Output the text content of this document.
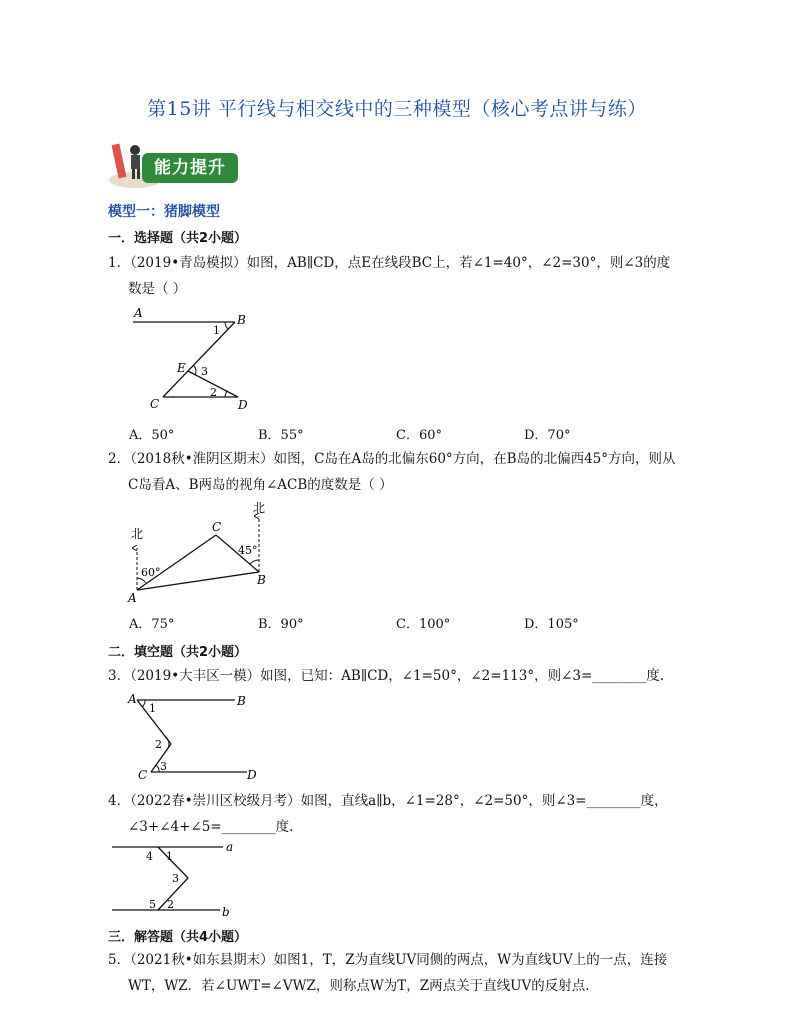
第15讲 平行线与相交线中的三种模型（核心考点讲与练）
能力提升
模型一：猪脚模型
一．选择题（共2小题）
1．（2019•青岛模拟）如图，AB∥CD，点E在线段BC上，若∠1=40°，∠2=30°，则∠3的度
数是（ ）
A	B
C	D
E
1
2
3
A．50°	B．55°	C．60°	D．70°
2．（2018秋•淮阴区期末）如图，C岛在A岛的北偏东60°方向，在B岛的北偏西45°方向，则从
C岛看A、B两岛的视角∠ACB的度数是（ ）
北
北
A
B
C
60°
45°
A．75°	B．90°	C．100°	D．105°
二．填空题（共2小题）
3．（2019•大丰区一模）如图，已知：AB∥CD，∠1=50°，∠2=113°，则∠3=________度.
A	B
C	D
1
2
3
4．（2022春•崇川区校级月考）如图，直线a∥b，∠1=28°，∠2=50°，则∠3=________度，
∠3+∠4+∠5=________度.
a
b
1
4
3
5 2
三．解答题（共4小题）
5．（2021秋•如东县期末）如图1，T，Z为直线UV同侧的两点，W为直线UV上的一点，连接
WT，WZ．若∠UWT=∠VWZ，则称点W为T，Z两点关于直线UV的反射点.
